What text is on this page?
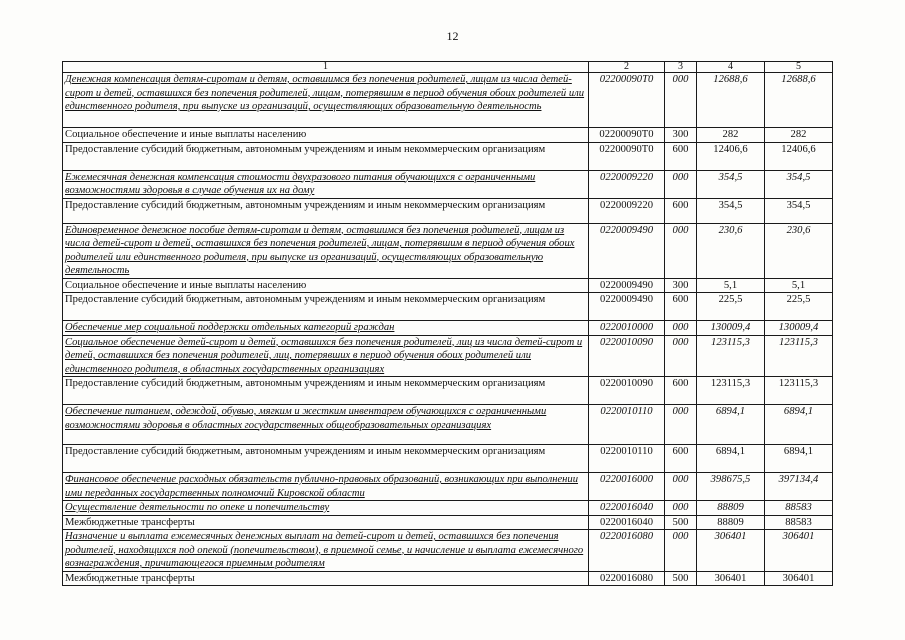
12
1	2	3	4	5
Денежная компенсация детям-сиротам и детям, оставшимся без попечения родителей, лицам из числа детей-сирот и детей, оставшихся без попечения родителей, лицам, потерявшим в период обучения обоих родителей или единственного родителя, при выпуске из организаций, осуществляющих образовательную деятельность	02200090Т0	000	12688,6	12688,6
Социальное обеспечение и иные выплаты населению	02200090Т0	300	282	282
Предоставление субсидий бюджетным, автономным учреждениям и иным некоммерческим организациям	02200090Т0	600	12406,6	12406,6
Ежемесячная денежная компенсация стоимости двухразового питания обучающихся с ограниченными возможностями здоровья в случае обучения их на дому	0220009220	000	354,5	354,5
Предоставление субсидий бюджетным, автономным учреждениям и иным некоммерческим организациям	0220009220	600	354,5	354,5
Единовременное денежное пособие детям-сиротам и детям, оставшимся без попечения родителей, лицам из числа детей-сирот и детей, оставшихся без попечения родителей, лицам, потерявшим в период обучения обоих родителей или единственного родителя, при выпуске из организаций, осуществляющих образовательную деятельность	0220009490	000	230,6	230,6
Социальное обеспечение и иные выплаты населению	0220009490	300	5,1	5,1
Предоставление субсидий бюджетным, автономным учреждениям и иным некоммерческим организациям	0220009490	600	225,5	225,5
Обеспечение мер социальной поддержки отдельных категорий граждан	0220010000	000	130009,4	130009,4
Социальное обеспечение детей-сирот и детей, оставшихся без попечения родителей, лиц из числа детей-сирот и детей, оставшихся без попечения родителей, лиц, потерявших в период обучения обоих родителей или единственного родителя, в областных государственных организациях	0220010090	000	123115,3	123115,3
Предоставление субсидий бюджетным, автономным учреждениям и иным некоммерческим организациям	0220010090	600	123115,3	123115,3
Обеспечение питанием, одеждой, обувью, мягким и жестким инвентарем обучающихся с ограниченными возможностями здоровья в областных государственных общеобразовательных организациях	0220010110	000	6894,1	6894,1
Предоставление субсидий бюджетным, автономным учреждениям и иным некоммерческим организациям	0220010110	600	6894,1	6894,1
Финансовое обеспечение расходных обязательств публично-правовых образований, возникающих при выполнении ими переданных государственных полномочий Кировской области	0220016000	000	398675,5	397134,4
Осуществление деятельности по опеке и попечительству	0220016040	000	88809	88583
Межбюджетные трансферты	0220016040	500	88809	88583
Назначение и выплата ежемесячных денежных выплат на детей-сирот и детей, оставшихся без попечения родителей, находящихся под опекой (попечительством), в приемной семье, и начисление и выплата ежемесячного вознаграждения, причитающегося приемным родителям	0220016080	000	306401	306401
Межбюджетные трансферты	0220016080	500	306401	306401
